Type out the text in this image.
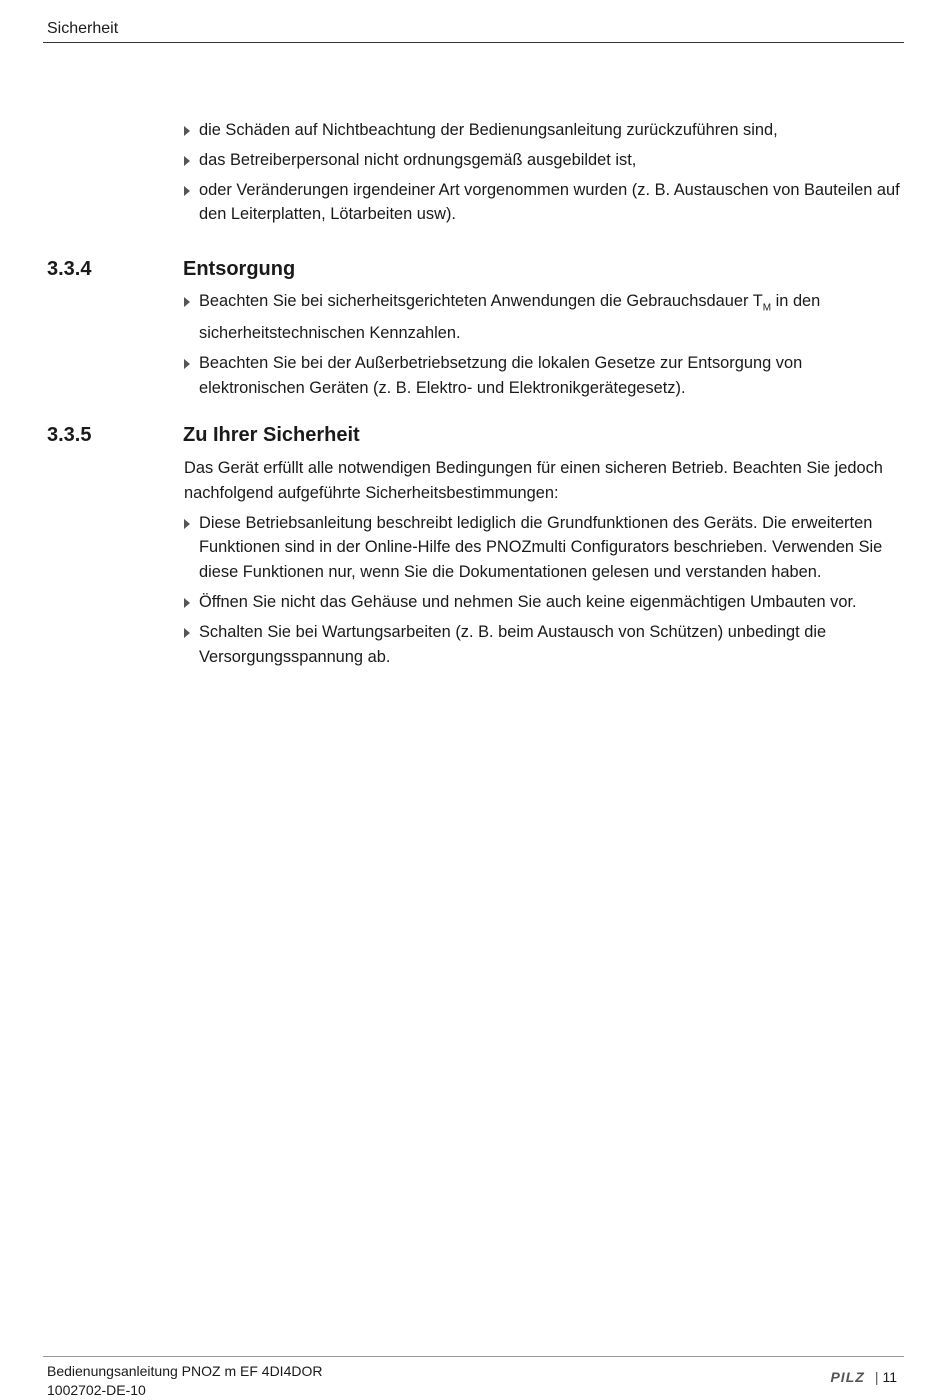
Sicherheit
die Schäden auf Nichtbeachtung der Bedienungsanleitung zurückzuführen sind,
das Betreiberpersonal nicht ordnungsgemäß ausgebildet ist,
oder Veränderungen irgendeiner Art vorgenommen wurden (z. B. Austauschen von Bauteilen auf den Leiterplatten, Lötarbeiten usw).
3.3.4	Entsorgung
Beachten Sie bei sicherheitsgerichteten Anwendungen die Gebrauchsdauer $T_M$ in den sicherheitstechnischen Kennzahlen.
Beachten Sie bei der Außerbetriebsetzung die lokalen Gesetze zur Entsorgung von elektronischen Geräten (z. B. Elektro- und Elektronikgerätegesetz).
3.3.5	Zu Ihrer Sicherheit

Das Gerät erfüllt alle notwendigen Bedingungen für einen sicheren Betrieb. Beachten Sie jedoch nachfolgend aufgeführte Sicherheitsbestimmungen:

Diese Betriebsanleitung beschreibt lediglich die Grundfunktionen des Geräts. Die erweiterten Funktionen sind in der Online-Hilfe des PNOZmulti Configurators beschrieben. Verwenden Sie diese Funktionen nur, wenn Sie die Dokumentationen gelesen und verstanden haben.
Öffnen Sie nicht das Gehäuse und nehmen Sie auch keine eigenmächtigen Umbauten vor.
Schalten Sie bei Wartungsarbeiten (z. B. beim Austausch von Schützen) unbedingt die Versorgungsspannung ab.
Bedienungsanleitung PNOZ m EF 4DI4DOR
1002702-DE-10
PILZ | 11
